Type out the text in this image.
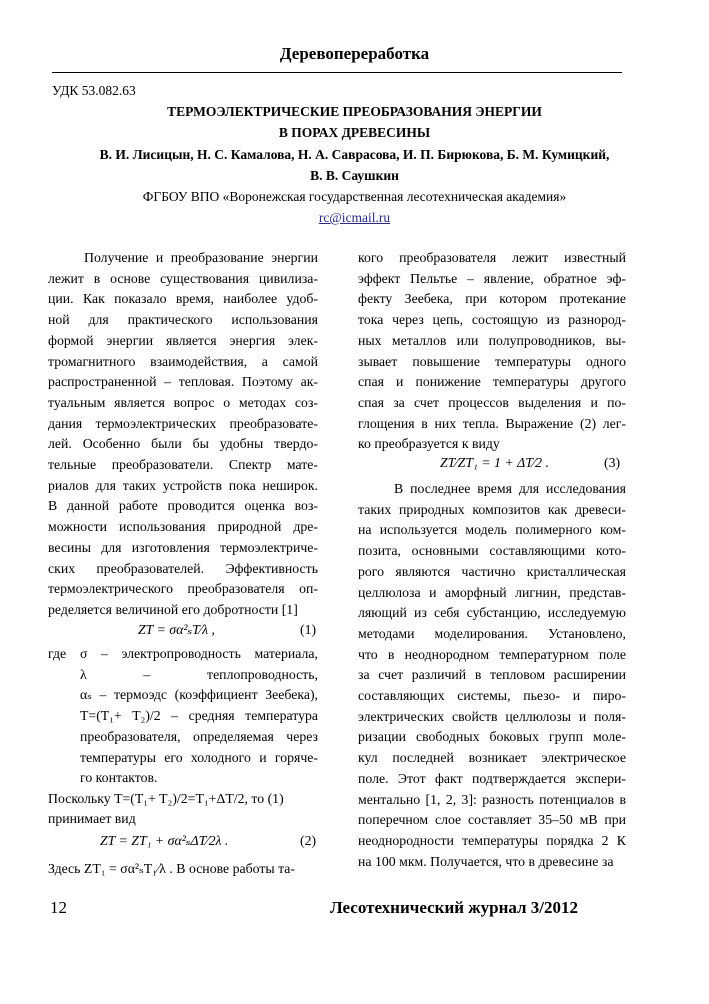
Деревопереработка
УДК 53.082.63
ТЕРМОЭЛЕКТРИЧЕСКИЕ ПРЕОБРАЗОВАНИЯ ЭНЕРГИИ
В ПОРАХ ДРЕВЕСИНЫ
В. И. Лисицын, Н. С. Камалова, Н. А. Саврасова, И. П. Бирюкова, Б. М. Кумицкий,
В. В. Саушкин
ФГБОУ ВПО «Воронежская государственная лесотехническая академия»
rc@icmail.ru
Получение и преобразование энергии
лежит в основе существования цивилиза-
ции. Как показало время, наиболее удоб-
ной для практического использования
формой энергии является энергия элек-
тромагнитного взаимодействия, а самой
распространенной – тепловая. Поэтому ак-
туальным является вопрос о методах соз-
дания термоэлектрических преобразовате-
лей. Особенно были бы удобны твердо-
тельные преобразователи. Спектр мате-
риалов для таких устройств пока неширок.
В данной работе проводится оценка воз-
можности использования природной дре-
весины для изготовления термоэлектриче-
ских преобразователей. Эффективность
термоэлектрического преобразователя оп-
ределяется величиной его добротности [1]
ZT = σα²ₛT⁄λ ,	(1)
где σ – электропроводность материала,
λ – теплопроводность,
αₛ – термоэдс (коэффициент Зеебека),
T=(T₁+ T₂)/2 – средняя температура
преобразователя, определяемая через
температуры его холодного и горяче-
го контактов.
Поскольку T=(T₁+ T₂)/2=T₁+ΔT/2, то (1)
принимает вид
ZT = ZT₁ + σα²ₛΔT⁄2λ .	(2)
Здесь ZT₁ = σα²ₛT₁⁄λ . В основе работы та-
кого преобразователя лежит известный
эффект Пельтье – явление, обратное эф-
фекту Зеебека, при котором протекание
тока через цепь, состоящую из разнород-
ных металлов или полупроводников, вы-
зывает повышение температуры одного
спая и понижение температуры другого
спая за счет процессов выделения и по-
глощения в них тепла. Выражение (2) лег-
ко преобразуется к виду
ZT⁄ZT₁ = 1 + ΔT⁄2 .	(3)
В последнее время для исследования
таких природных композитов как древеси-
на используется модель полимерного ком-
позита, основными составляющими кото-
рого являются частично кристаллическая
целлюлоза и аморфный лигнин, представ-
ляющий из себя субстанцию, исследуемую
методами моделирования. Установлено,
что в неоднородном температурном поле
за счет различий в тепловом расширении
составляющих системы, пьезо- и пиро-
электрических свойств целлюлозы и поля-
ризации свободных боковых групп моле-
кул последней возникает электрическое
поле. Этот факт подтверждается экспери-
ментально [1, 2, 3]: разность потенциалов в
поперечном слое составляет 35–50 мВ при
неоднородности температуры порядка 2 К
на 100 мкм. Получается, что в древесине за
12	Лесотехнический журнал 3/2012
